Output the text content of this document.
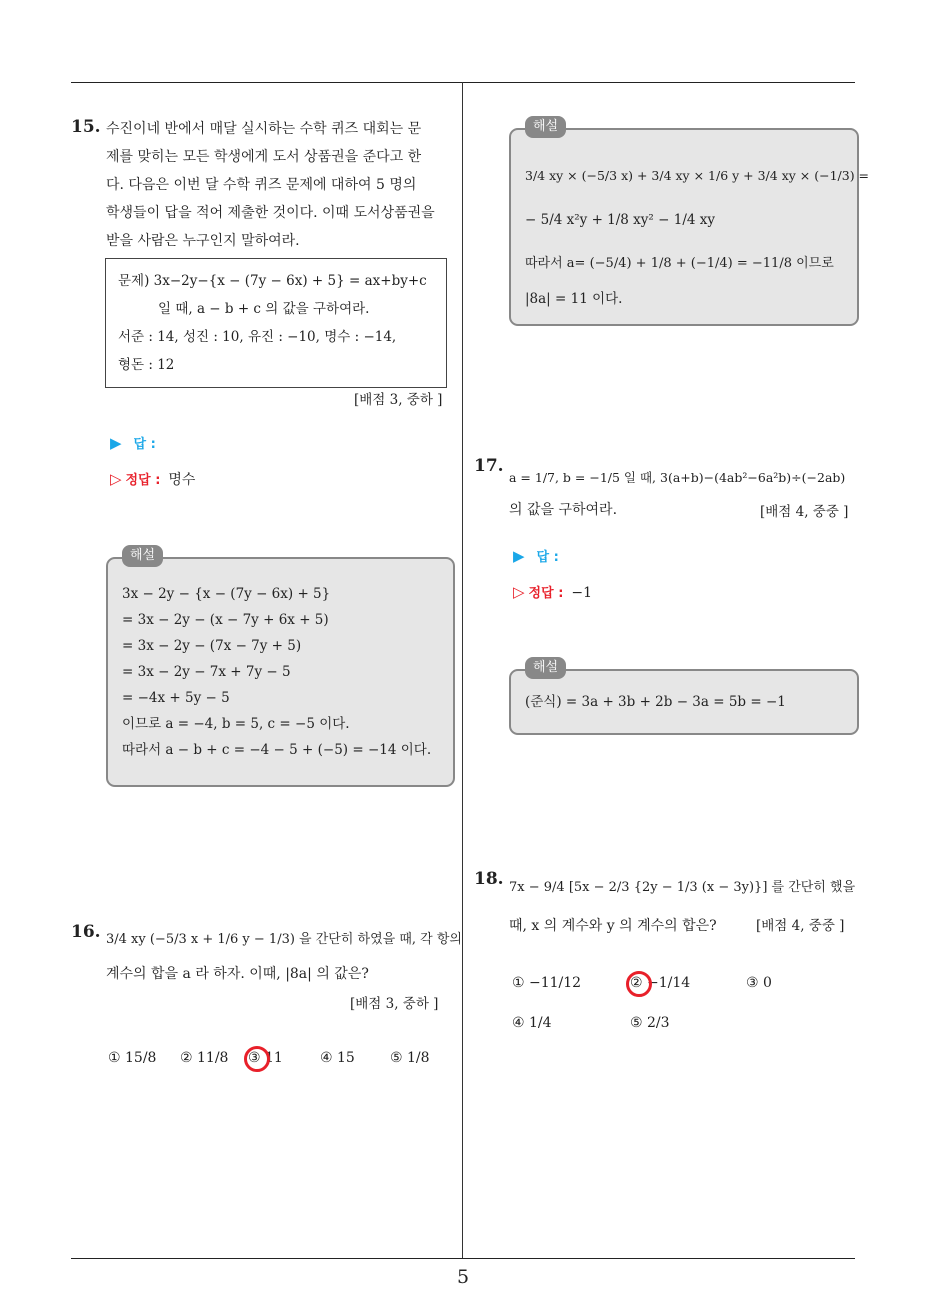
5
15. 수진이네 반에서 매달 실시하는 수학 퀴즈 대회는 문
제를 맞히는 모든 학생에게 도서 상품권을 준다고 한
다. 다음은 이번 달 수학 퀴즈 문제에 대하여 5 명의
학생들이 답을 적어 제출한 것이다. 이때 도서상품권을
받을 사람은 누구인지 말하여라.
문제) 3x−2y−{x − (7y − 6x) + 5} = ax+by+c
일 때, a − b + c 의 값을 구하여라.
서준 : 14, 성진 : 10, 유진 : −10, 명수 : −14,
형돈 : 12
[배점 3, 중하 ]
▶ 답 :
▷ 정답 : 명수
해설
3x − 2y − {x − (7y − 6x) + 5}
= 3x − 2y − (x − 7y + 6x + 5)
= 3x − 2y − (7x − 7y + 5)
= 3x − 2y − 7x + 7y − 5
= −4x + 5y − 5
이므로 a = −4, b = 5, c = −5 이다.
따라서 a − b + c = −4 − 5 + (−5) = −14 이다.
16. 3/4 xy (−5/3 x + 1/6 y − 1/3) 을 간단히 하였을 때, 각 항의
계수의 합을 a 라 하자. 이때, |8a| 의 값은?
[배점 3, 중하 ]
① 15/8 ② 11/8 ③ 11	④ 15	⑤ 1/8
해설
3/4 xy × (−5/3 x) + 3/4 xy × 1/6 y + 3/4 xy × (−1/3) =
− 5/4 x²y + 1/8 xy² − 1/4 xy
따라서 a= (−5/4) + 1/8 + (−1/4) = −11/8 이므로
|8a| = 11 이다.
17.
a = 1/7, b = −1/5 일 때, 3(a+b)−(4ab²−6a²b)÷(−2ab)
의 값을 구하여라.	[배점 4, 중중 ]
▶ 답 :
▷ 정답 : −1
해설
(준식) = 3a + 3b + 2b − 3a = 5b = −1
18. 7x − 9/4 [5x − 2/3 {2y − 1/3 (x − 3y)}] 를 간단히 했을
때, x 의 계수와 y 의 계수의 합은?	[배점 4, 중중 ]
① −11/12	② −1/14	③ 0
④ 1/4	⑤ 2/3
